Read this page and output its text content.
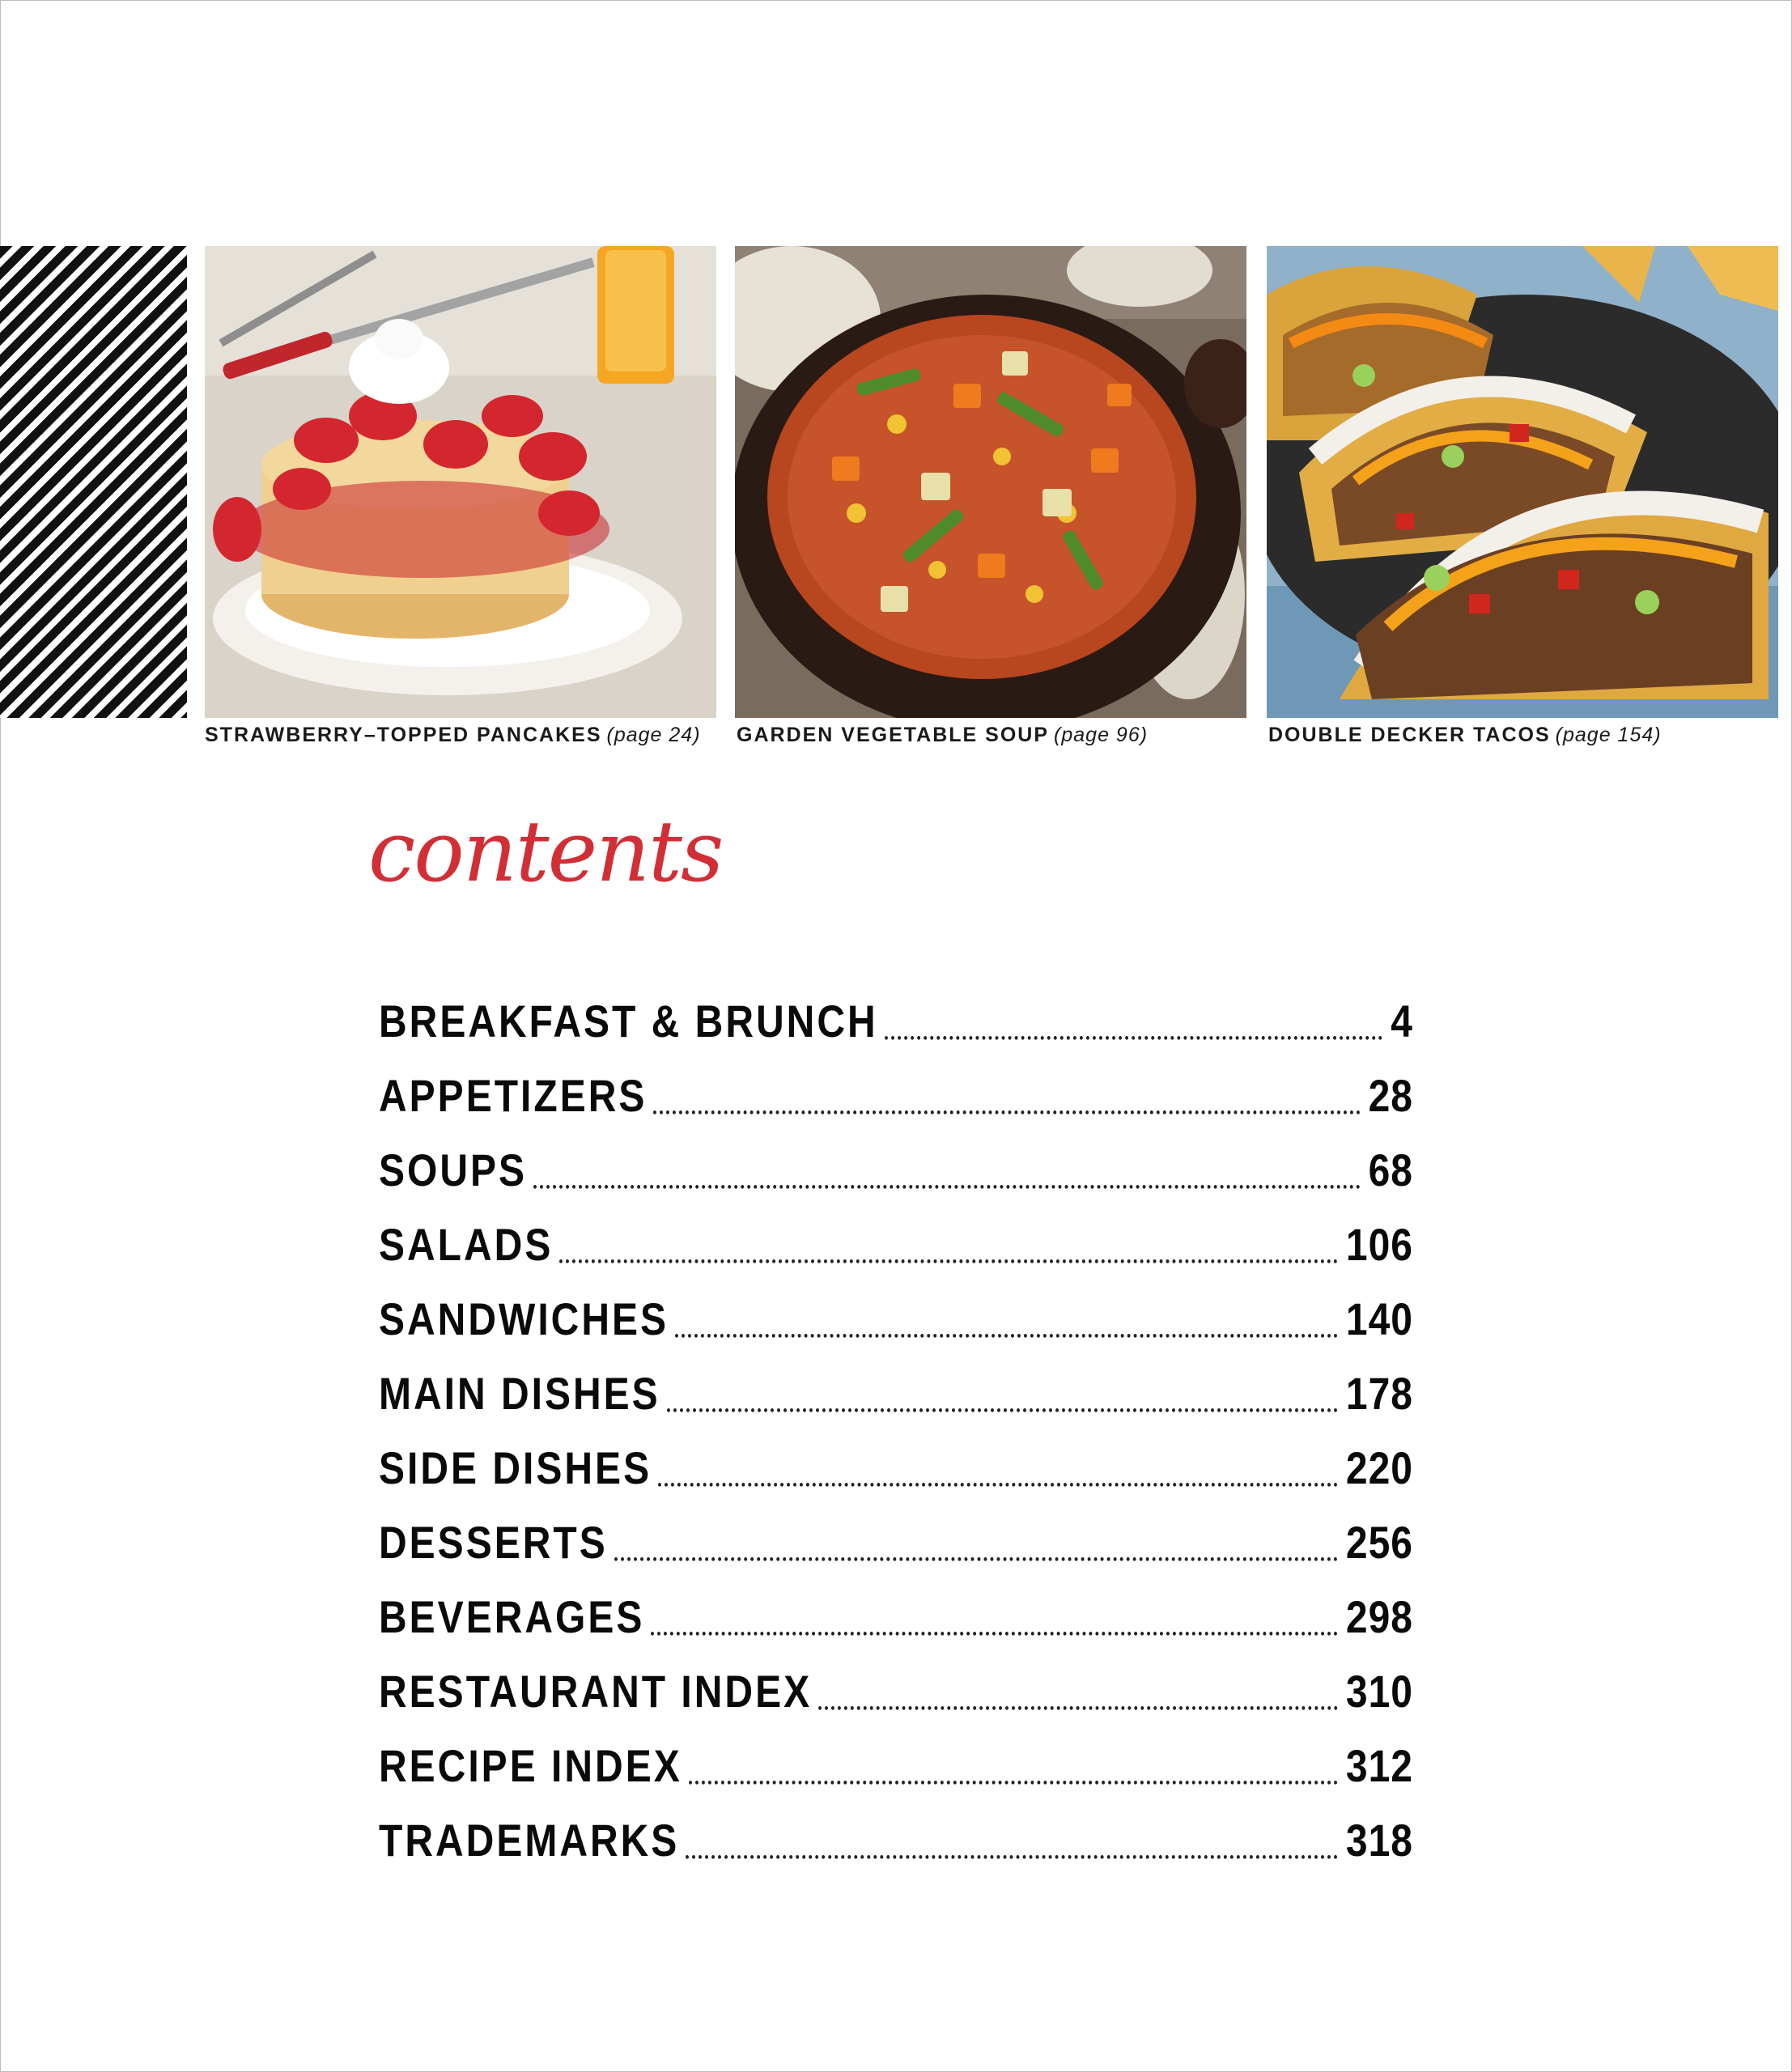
STRAWBERRY–TOPPED PANCAKES (page 24) GARDEN VEGETABLE SOUP (page 96)	DOUBLE DECKER TACOS (page 154)
contents
BREAKFAST & BRUNCH	4
APPETIZERS	28
SOUPS	68
SALADS	106
SANDWICHES	140
MAIN DISHES	178
SIDE DISHES	220
DESSERTS	256
BEVERAGES	298
RESTAURANT INDEX	310
RECIPE INDEX	312
TRADEMARKS	318
